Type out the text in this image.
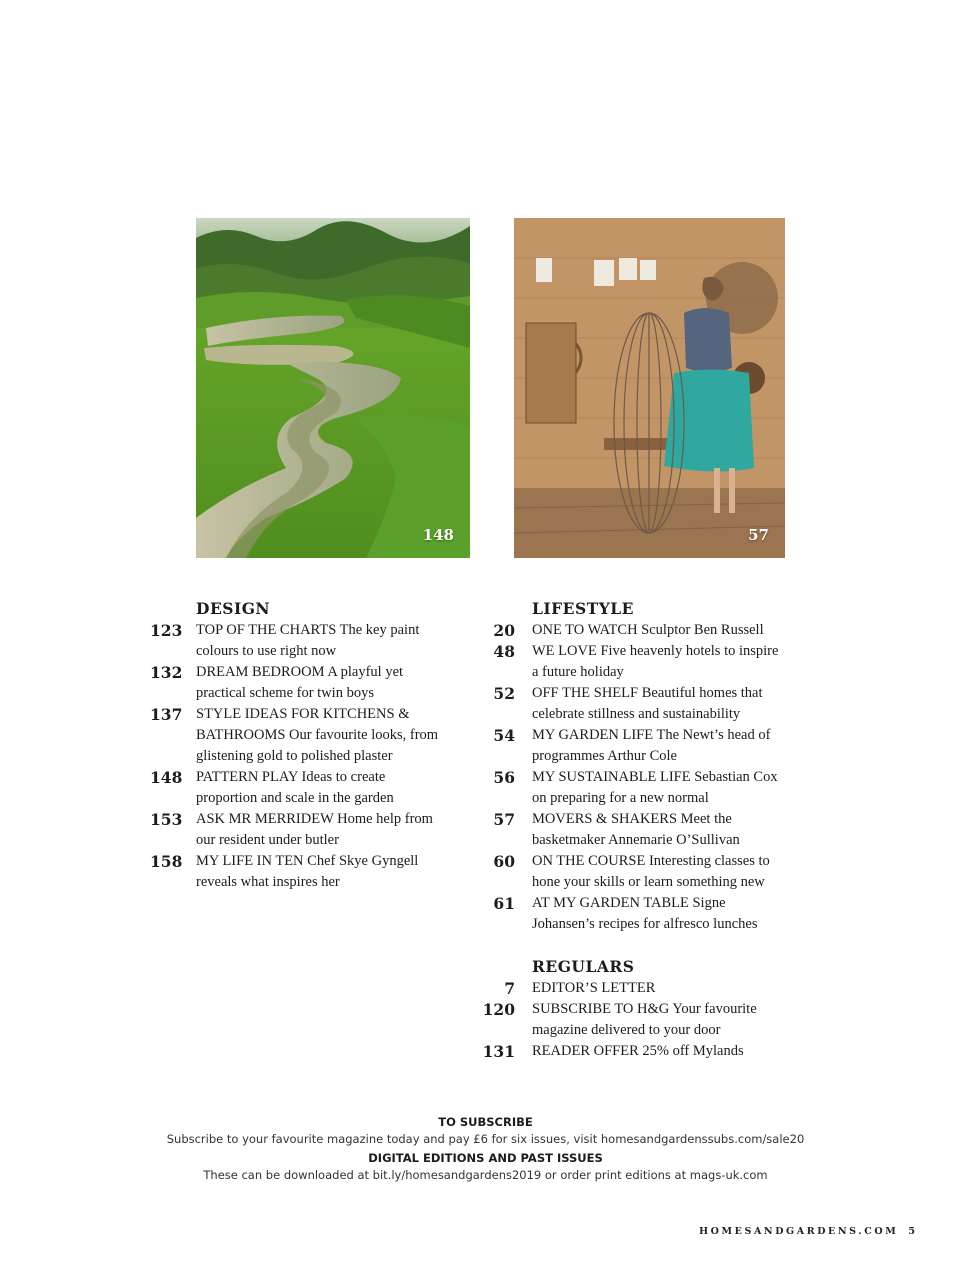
148	57
DESIGN
123 TOP OF THE CHARTS The key paint colours to use right now
132 DREAM BEDROOM A playful yet practical scheme for twin boys
137 STYLE IDEAS FOR KITCHENS & BATHROOMS Our favourite looks, from glistening gold to polished plaster
148 PATTERN PLAY Ideas to create proportion and scale in the garden
153 ASK MR MERRIDEW Home help from our resident under butler
158 MY LIFE IN TEN Chef Skye Gyngell reveals what inspires her
LIFESTYLE
20 ONE TO WATCH Sculptor Ben Russell
48 WE LOVE Five heavenly hotels to inspire a future holiday
52 OFF THE SHELF Beautiful homes that celebrate stillness and sustainability
54 MY GARDEN LIFE The Newt’s head of programmes Arthur Cole
56 MY SUSTAINABLE LIFE Sebastian Cox on preparing for a new normal
57 MOVERS & SHAKERS Meet the basketmaker Annemarie O’Sullivan
60 ON THE COURSE Interesting classes to hone your skills or learn something new
61 AT MY GARDEN TABLE Signe Johansen’s recipes for alfresco lunches
REGULARS
7 EDITOR’S LETTER
120 SUBSCRIBE TO H&G Your favourite magazine delivered to your door
131 READER OFFER 25% off Mylands
TO SUBSCRIBE
Subscribe to your favourite magazine today and pay £6 for six issues, visit homesandgardenssubs.com/sale20
DIGITAL EDITIONS AND PAST ISSUES
These can be downloaded at bit.ly/homesandgardens2019 or order print editions at mags-uk.com
HOMESANDGARDENS.COM 5
